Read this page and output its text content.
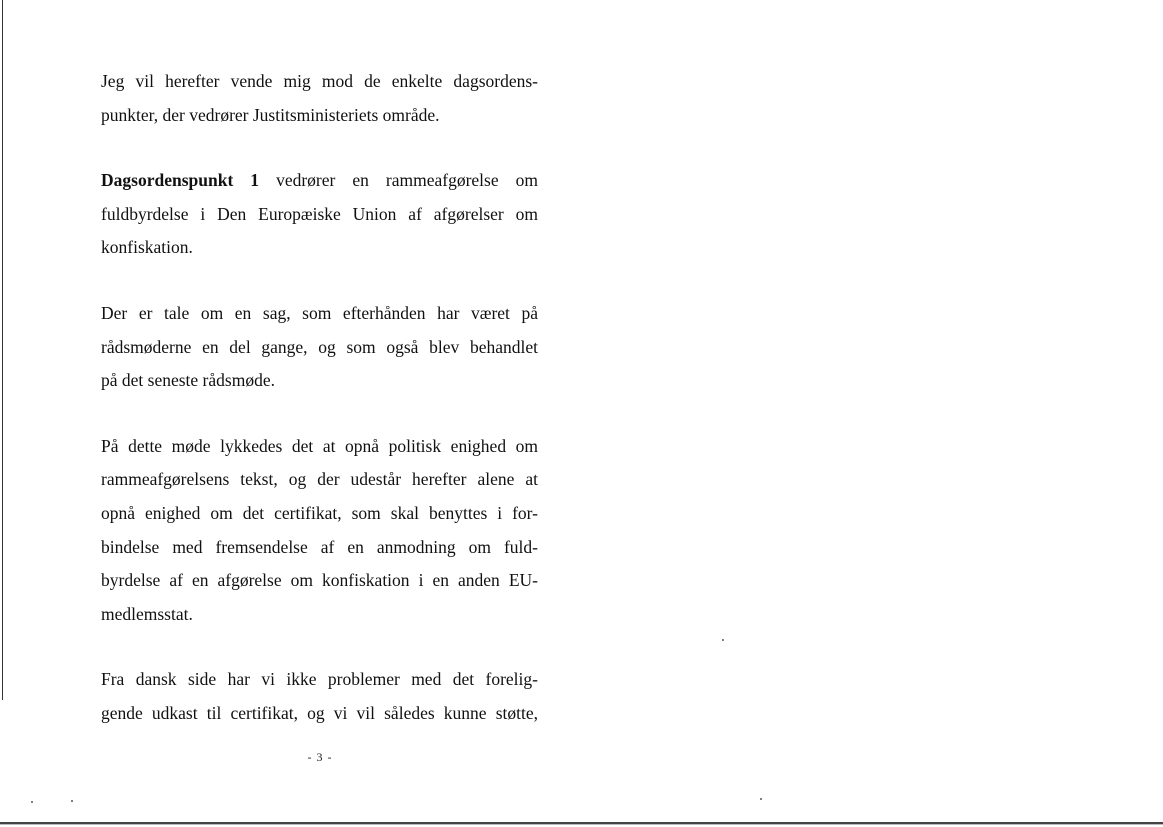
Jeg vil herefter vende mig mod de enkelte dagsordens-
punkter, der vedrører Justitsministeriets område.

Dagsordenspunkt 1 vedrører en rammeafgørelse om
fuldbyrdelse i Den Europæiske Union af afgørelser om
konfiskation.

Der er tale om en sag, som efterhånden har været på
rådsmøderne en del gange, og som også blev behandlet
på det seneste rådsmøde.

På dette møde lykkedes det at opnå politisk enighed om
rammeafgørelsens tekst, og der udestår herefter alene at
opnå enighed om det certifikat, som skal benyttes i for-
bindelse med fremsendelse af en anmodning om fuld-
byrdelse af en afgørelse om konfiskation i en anden EU-
medlemsstat.

Fra dansk side har vi ikke problemer med det forelig-
gende udkast til certifikat, og vi vil således kunne støtte,

- 3 -
